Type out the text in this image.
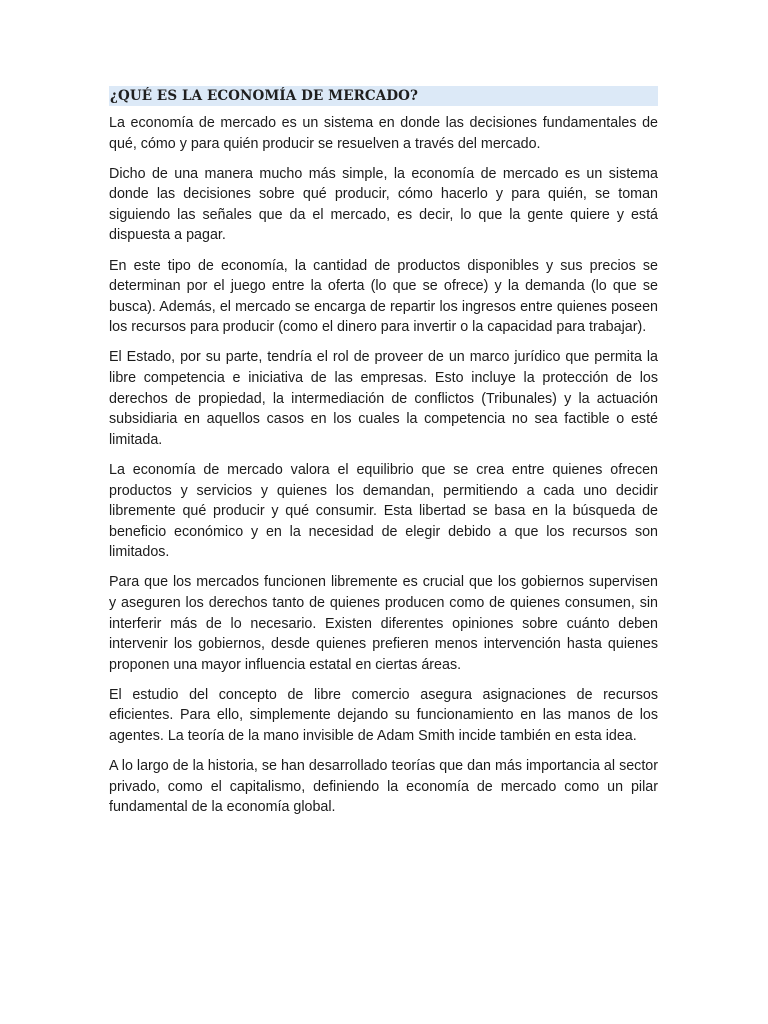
¿QUÉ ES LA ECONOMÍA DE MERCADO?

La economía de mercado es un sistema en donde las decisiones fundamentales de qué, cómo y para quién producir se resuelven a través del mercado.

Dicho de una manera mucho más simple, la economía de mercado es un sistema donde las decisiones sobre qué producir, cómo hacerlo y para quién, se toman siguiendo las señales que da el mercado, es decir, lo que la gente quiere y está dispuesta a pagar.

En este tipo de economía, la cantidad de productos disponibles y sus precios se determinan por el juego entre la oferta (lo que se ofrece) y la demanda (lo que se busca). Además, el mercado se encarga de repartir los ingresos entre quienes poseen los recursos para producir (como el dinero para invertir o la capacidad para trabajar).

El Estado, por su parte, tendría el rol de proveer de un marco jurídico que permita la libre competencia e iniciativa de las empresas. Esto incluye la protección de los derechos de propiedad, la intermediación de conflictos (Tribunales) y la actuación subsidiaria en aquellos casos en los cuales la competencia no sea factible o esté limitada.

La economía de mercado valora el equilibrio que se crea entre quienes ofrecen productos y servicios y quienes los demandan, permitiendo a cada uno decidir libremente qué producir y qué consumir. Esta libertad se basa en la búsqueda de beneficio económico y en la necesidad de elegir debido a que los recursos son limitados.

Para que los mercados funcionen libremente es crucial que los gobiernos supervisen y aseguren los derechos tanto de quienes producen como de quienes consumen, sin interferir más de lo necesario. Existen diferentes opiniones sobre cuánto deben intervenir los gobiernos, desde quienes prefieren menos intervención hasta quienes proponen una mayor influencia estatal en ciertas áreas.

El estudio del concepto de libre comercio asegura asignaciones de recursos eficientes. Para ello, simplemente dejando su funcionamiento en las manos de los agentes. La teoría de la mano invisible de Adam Smith incide también en esta idea.

A lo largo de la historia, se han desarrollado teorías que dan más importancia al sector privado, como el capitalismo, definiendo la economía de mercado como un pilar fundamental de la economía global.
